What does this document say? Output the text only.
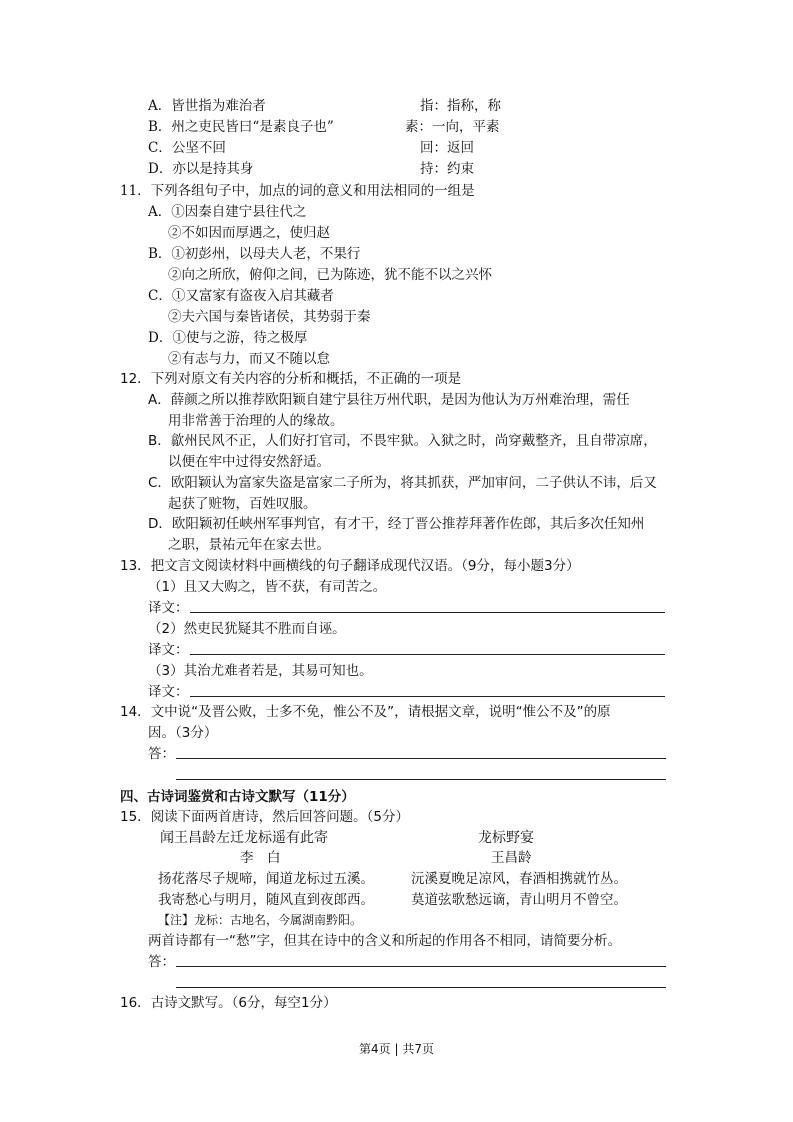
A．皆世指为难治者	指：指称，称
B．州之吏民皆曰“是素良子也”	素：一向，平素
C．公坚不回	回：返回
D．亦以是持其身	持：约束
11．下列各组句子中，加点的词的意义和用法相同的一组是
A．①因秦自建宁县往代之
②不如因而厚遇之，使归赵
B．①初彭州，以母夫人老，不果行
②向之所欣，俯仰之间，已为陈迹，犹不能不以之兴怀
C．①又富家有盗夜入启其藏者
②夫六国与秦皆诸侯，其势弱于秦
D．①使与之游，待之极厚
②有志与力，而又不随以怠
12．下列对原文有关内容的分析和概括，不正确的一项是
A．薛颜之所以推荐欧阳颖自建宁县往万州代职，是因为他认为万州难治理，需任
用非常善于治理的人的缘故。
B．歙州民风不正，人们好打官司，不畏牢狱。入狱之时，尚穿戴整齐，且自带凉席，
以便在牢中过得安然舒适。
C．欧阳颖认为富家失盗是富家二子所为，将其抓获，严加审问，二子供认不讳，后又
起获了赃物，百姓叹服。
D．欧阳颖初任峡州军事判官，有才干，经丁晋公推荐拜著作佐郎，其后多次任知州
之职，景祐元年在家去世。
13．把文言文阅读材料中画横线的句子翻译成现代汉语。（9分，每小题3分）
（1）且又大购之，皆不获，有司苦之。
译文：
（2）然吏民犹疑其不胜而自诬。
译文：
（3）其治尤难者若是，其易可知也。
译文：
14．文中说“及晋公败，士多不免，惟公不及”，请根据文章，说明“惟公不及”的原
因。（3分）
答：
四、古诗词鉴赏和古诗文默写（11分）
15．阅读下面两首唐诗，然后回答问题。（5分）
闻王昌龄左迁龙标遥有此寄	龙标野宴
李　白	王昌龄
扬花落尽子规啼，闻道龙标过五溪。	沅溪夏晚足凉风，春酒相携就竹丛。
我寄愁心与明月，随风直到夜郎西。	莫道弦歌愁远谪，青山明月不曾空。
【注】龙标：古地名，今属湖南黔阳。
两首诗都有一“愁”字，但其在诗中的含义和所起的作用各不相同，请简要分析。
答：
16．古诗文默写。（6分，每空1分）
第4页 | 共7页
